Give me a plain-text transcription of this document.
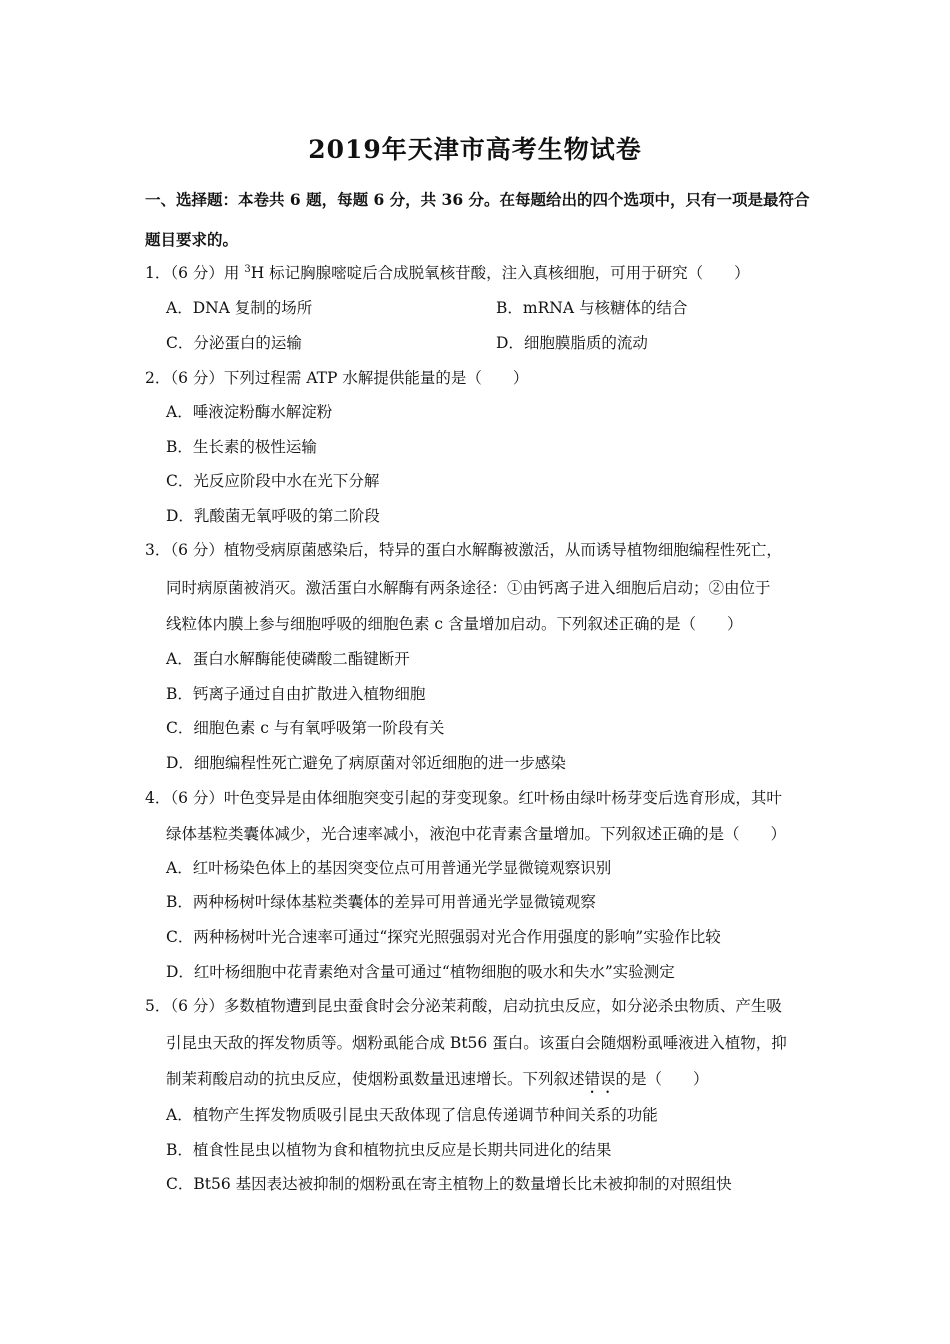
2019年天津市高考生物试卷
一、选择题：本卷共 6 题，每题 6 分，共 36 分。在每题给出的四个选项中，只有一项是最符合
题目要求的。
1．（6 分）用 $^3$H 标记胸腺嘧啶后合成脱氧核苷酸，注入真核细胞，可用于研究（　　）
A．DNA 复制的场所	B．mRNA 与核糖体的结合
C．分泌蛋白的运输	D．细胞膜脂质的流动
2．（6 分）下列过程需 ATP 水解提供能量的是（　　）
A．唾液淀粉酶水解淀粉
B．生长素的极性运输
C．光反应阶段中水在光下分解
D．乳酸菌无氧呼吸的第二阶段
3．（6 分）植物受病原菌感染后，特异的蛋白水解酶被激活，从而诱导植物细胞编程性死亡，
同时病原菌被消灭。激活蛋白水解酶有两条途径：①由钙离子进入细胞后启动；②由位于
线粒体内膜上参与细胞呼吸的细胞色素 c 含量增加启动。下列叙述正确的是（　　）
A．蛋白水解酶能使磷酸二酯键断开
B．钙离子通过自由扩散进入植物细胞
C．细胞色素 c 与有氧呼吸第一阶段有关
D．细胞编程性死亡避免了病原菌对邻近细胞的进一步感染
4．（6 分）叶色变异是由体细胞突变引起的芽变现象。红叶杨由绿叶杨芽变后选育形成，其叶
绿体基粒类囊体减少，光合速率减小，液泡中花青素含量增加。下列叙述正确的是（　　）
A．红叶杨染色体上的基因突变位点可用普通光学显微镜观察识别
B．两种杨树叶绿体基粒类囊体的差异可用普通光学显微镜观察
C．两种杨树叶光合速率可通过“探究光照强弱对光合作用强度的影响”实验作比较
D．红叶杨细胞中花青素绝对含量可通过“植物细胞的吸水和失水”实验测定
5．（6 分）多数植物遭到昆虫蚕食时会分泌茉莉酸，启动抗虫反应，如分泌杀虫物质、产生吸
引昆虫天敌的挥发物质等。烟粉虱能合成 Bt56 蛋白。该蛋白会随烟粉虱唾液进入植物，抑
制茉莉酸启动的抗虫反应，使烟粉虱数量迅速增长。下列叙述错误的是（　　）
A．植物产生挥发物质吸引昆虫天敌体现了信息传递调节种间关系的功能
B．植食性昆虫以植物为食和植物抗虫反应是长期共同进化的结果
C．Bt56 基因表达被抑制的烟粉虱在寄主植物上的数量增长比未被抑制的对照组快
